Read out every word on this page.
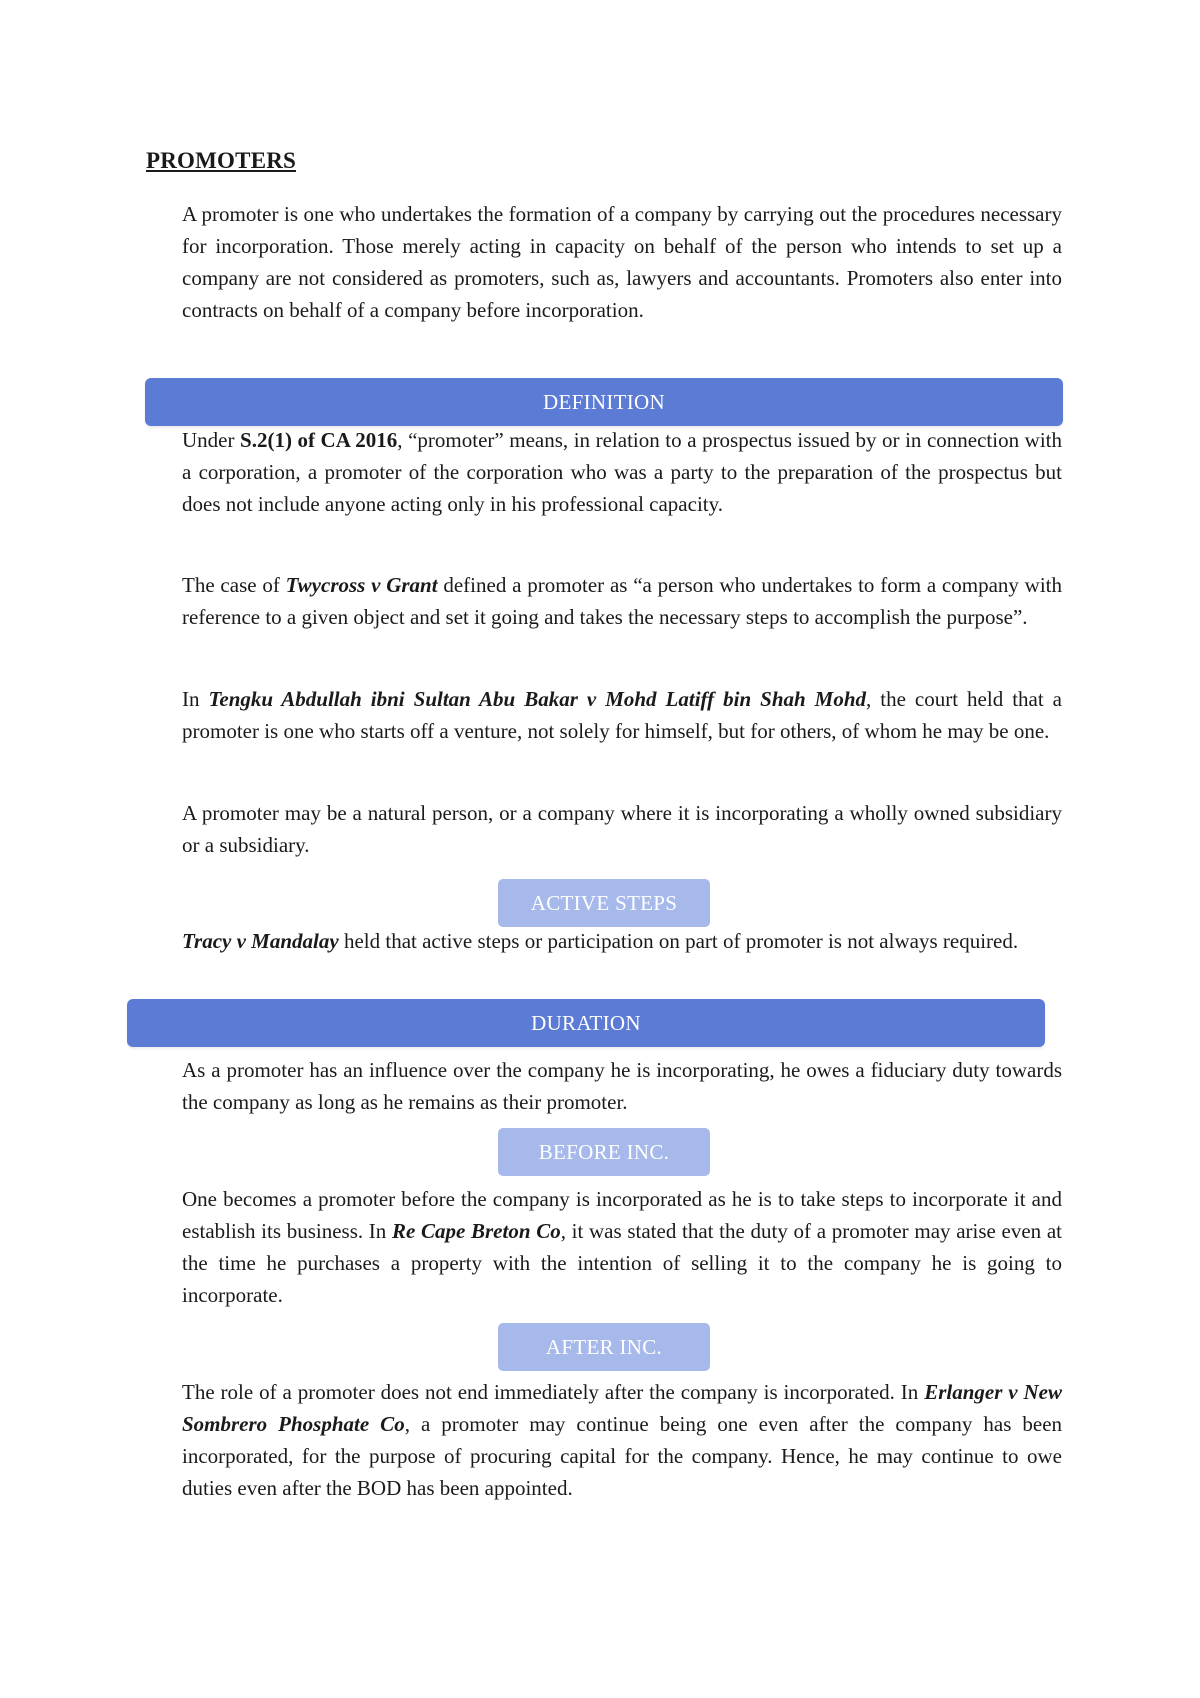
PROMOTERS

A promoter is one who undertakes the formation of a company by carrying out the procedures necessary for incorporation. Those merely acting in capacity on behalf of the person who intends to set up a company are not considered as promoters, such as, lawyers and accountants. Promoters also enter into contracts on behalf of a company before incorporation.

DEFINITION

Under S.2(1) of CA 2016, “promoter” means, in relation to a prospectus issued by or in connection with a corporation, a promoter of the corporation who was a party to the preparation of the prospectus but does not include anyone acting only in his professional capacity.

The case of Twycross v Grant defined a promoter as “a person who undertakes to form a company with reference to a given object and set it going and takes the necessary steps to accomplish the purpose”.

In Tengku Abdullah ibni Sultan Abu Bakar v Mohd Latiff bin Shah Mohd, the court held that a promoter is one who starts off a venture, not solely for himself, but for others, of whom he may be one.

A promoter may be a natural person, or a company where it is incorporating a wholly owned subsidiary or a subsidiary.

ACTIVE STEPS

Tracy v Mandalay held that active steps or participation on part of promoter is not always required.

DURATION

As a promoter has an influence over the company he is incorporating, he owes a fiduciary duty towards the company as long as he remains as their promoter.

BEFORE INC.

One becomes a promoter before the company is incorporated as he is to take steps to incorporate it and establish its business. In Re Cape Breton Co, it was stated that the duty of a promoter may arise even at the time he purchases a property with the intention of selling it to the company he is going to incorporate.

AFTER INC.

The role of a promoter does not end immediately after the company is incorporated. In Erlanger v New Sombrero Phosphate Co, a promoter may continue being one even after the company has been incorporated, for the purpose of procuring capital for the company. Hence, he may continue to owe duties even after the BOD has been appointed.
